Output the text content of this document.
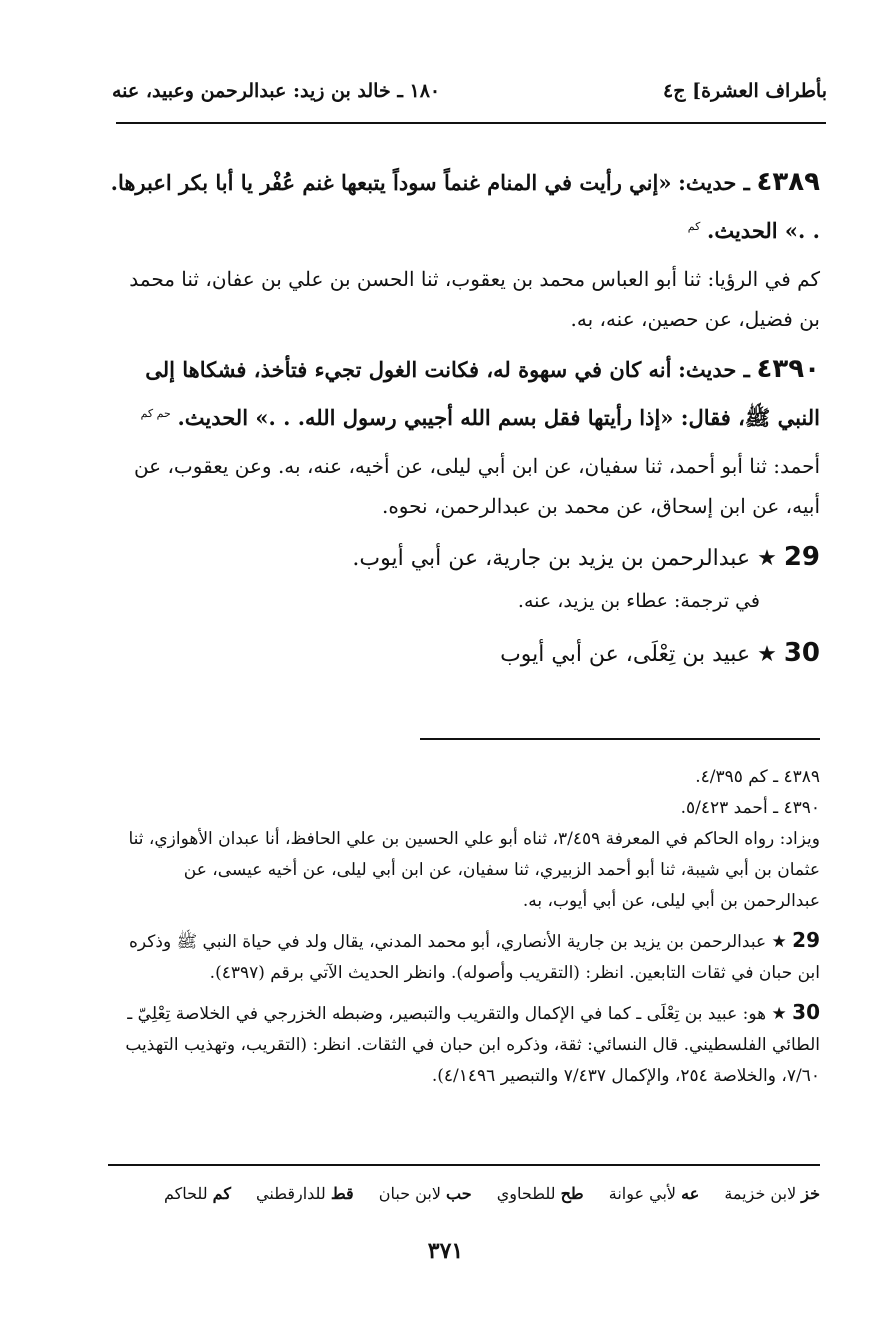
بأطراف العشرة] ج٤
١٨٠ ـ خالد بن زيد: عبدالرحمن وعبيد، عنه
٤٣٨٩ ـ حديث: «إني رأيت في المنام غنماً سوداً يتبعها غنم عُفْر يا أبا بكر اعبرها. . .» الحديث. $^{كم}$
كم في الرؤيا: ثنا أبو العباس محمد بن يعقوب، ثنا الحسن بن علي بن عفان، ثنا محمد بن فضيل، عن حصين، عنه، به.
٤٣٩٠ ـ حديث: أنه كان في سهوة له، فكانت الغول تجيء فتأخذ، فشكاها إلى النبي ﷺ، فقال: «إذا رأيتها فقل بسم الله أجيبي رسول الله. . .» الحديث. $^{حم كم}$
أحمد: ثنا أبو أحمد، ثنا سفيان، عن ابن أبي ليلى، عن أخيه، عنه، به. وعن يعقوب، عن أبيه، عن ابن إسحاق، عن محمد بن عبدالرحمن، نحوه.
29 ★ عبدالرحمن بن يزيد بن جارية، عن أبي أيوب.
في ترجمة: عطاء بن يزيد، عنه.
30 ★ عبيد بن تِعْلَى، عن أبي أيوب

٤٣٨٩ ـ كم ٤/٣٩٥.

٤٣٩٠ ـ أحمد ٥/٤٢٣.

ويزاد: رواه الحاكم في المعرفة ٣/٤٥٩، ثناه أبو علي الحسين بن علي الحافظ، أنا عبدان الأهوازي، ثنا عثمان بن أبي شيبة، ثنا أبو أحمد الزبيري، ثنا سفيان، عن ابن أبي ليلى، عن أخيه عيسى، عن عبدالرحمن بن أبي ليلى، عن أبي أيوب، به.

29 ★ عبدالرحمن بن يزيد بن جارية الأنصاري، أبو محمد المدني، يقال ولد في حياة النبي ﷺ وذكره ابن حبان في ثقات التابعين. انظر: (التقريب وأصوله). وانظر الحديث الآتي برقم (٤٣٩٧).

30 ★ هو: عبيد بن تِعْلَى ـ كما في الإكمال والتقريب والتبصير، وضبطه الخزرجي في الخلاصة تِعْلِيّ ـ الطائي الفلسطيني. قال النسائي: ثقة، وذكره ابن حبان في الثقات. انظر: (التقريب، وتهذيب التهذيب ٧/٦٠، والخلاصة ٢٥٤، والإكمال ٧/٤٣٧ والتبصير ٤/١٤٩٦).

خز لابن خزيمة عه لأبي عوانة طح للطحاوي حب لابن حبان قط للدارقطني كم للحاكم
٣٧١
